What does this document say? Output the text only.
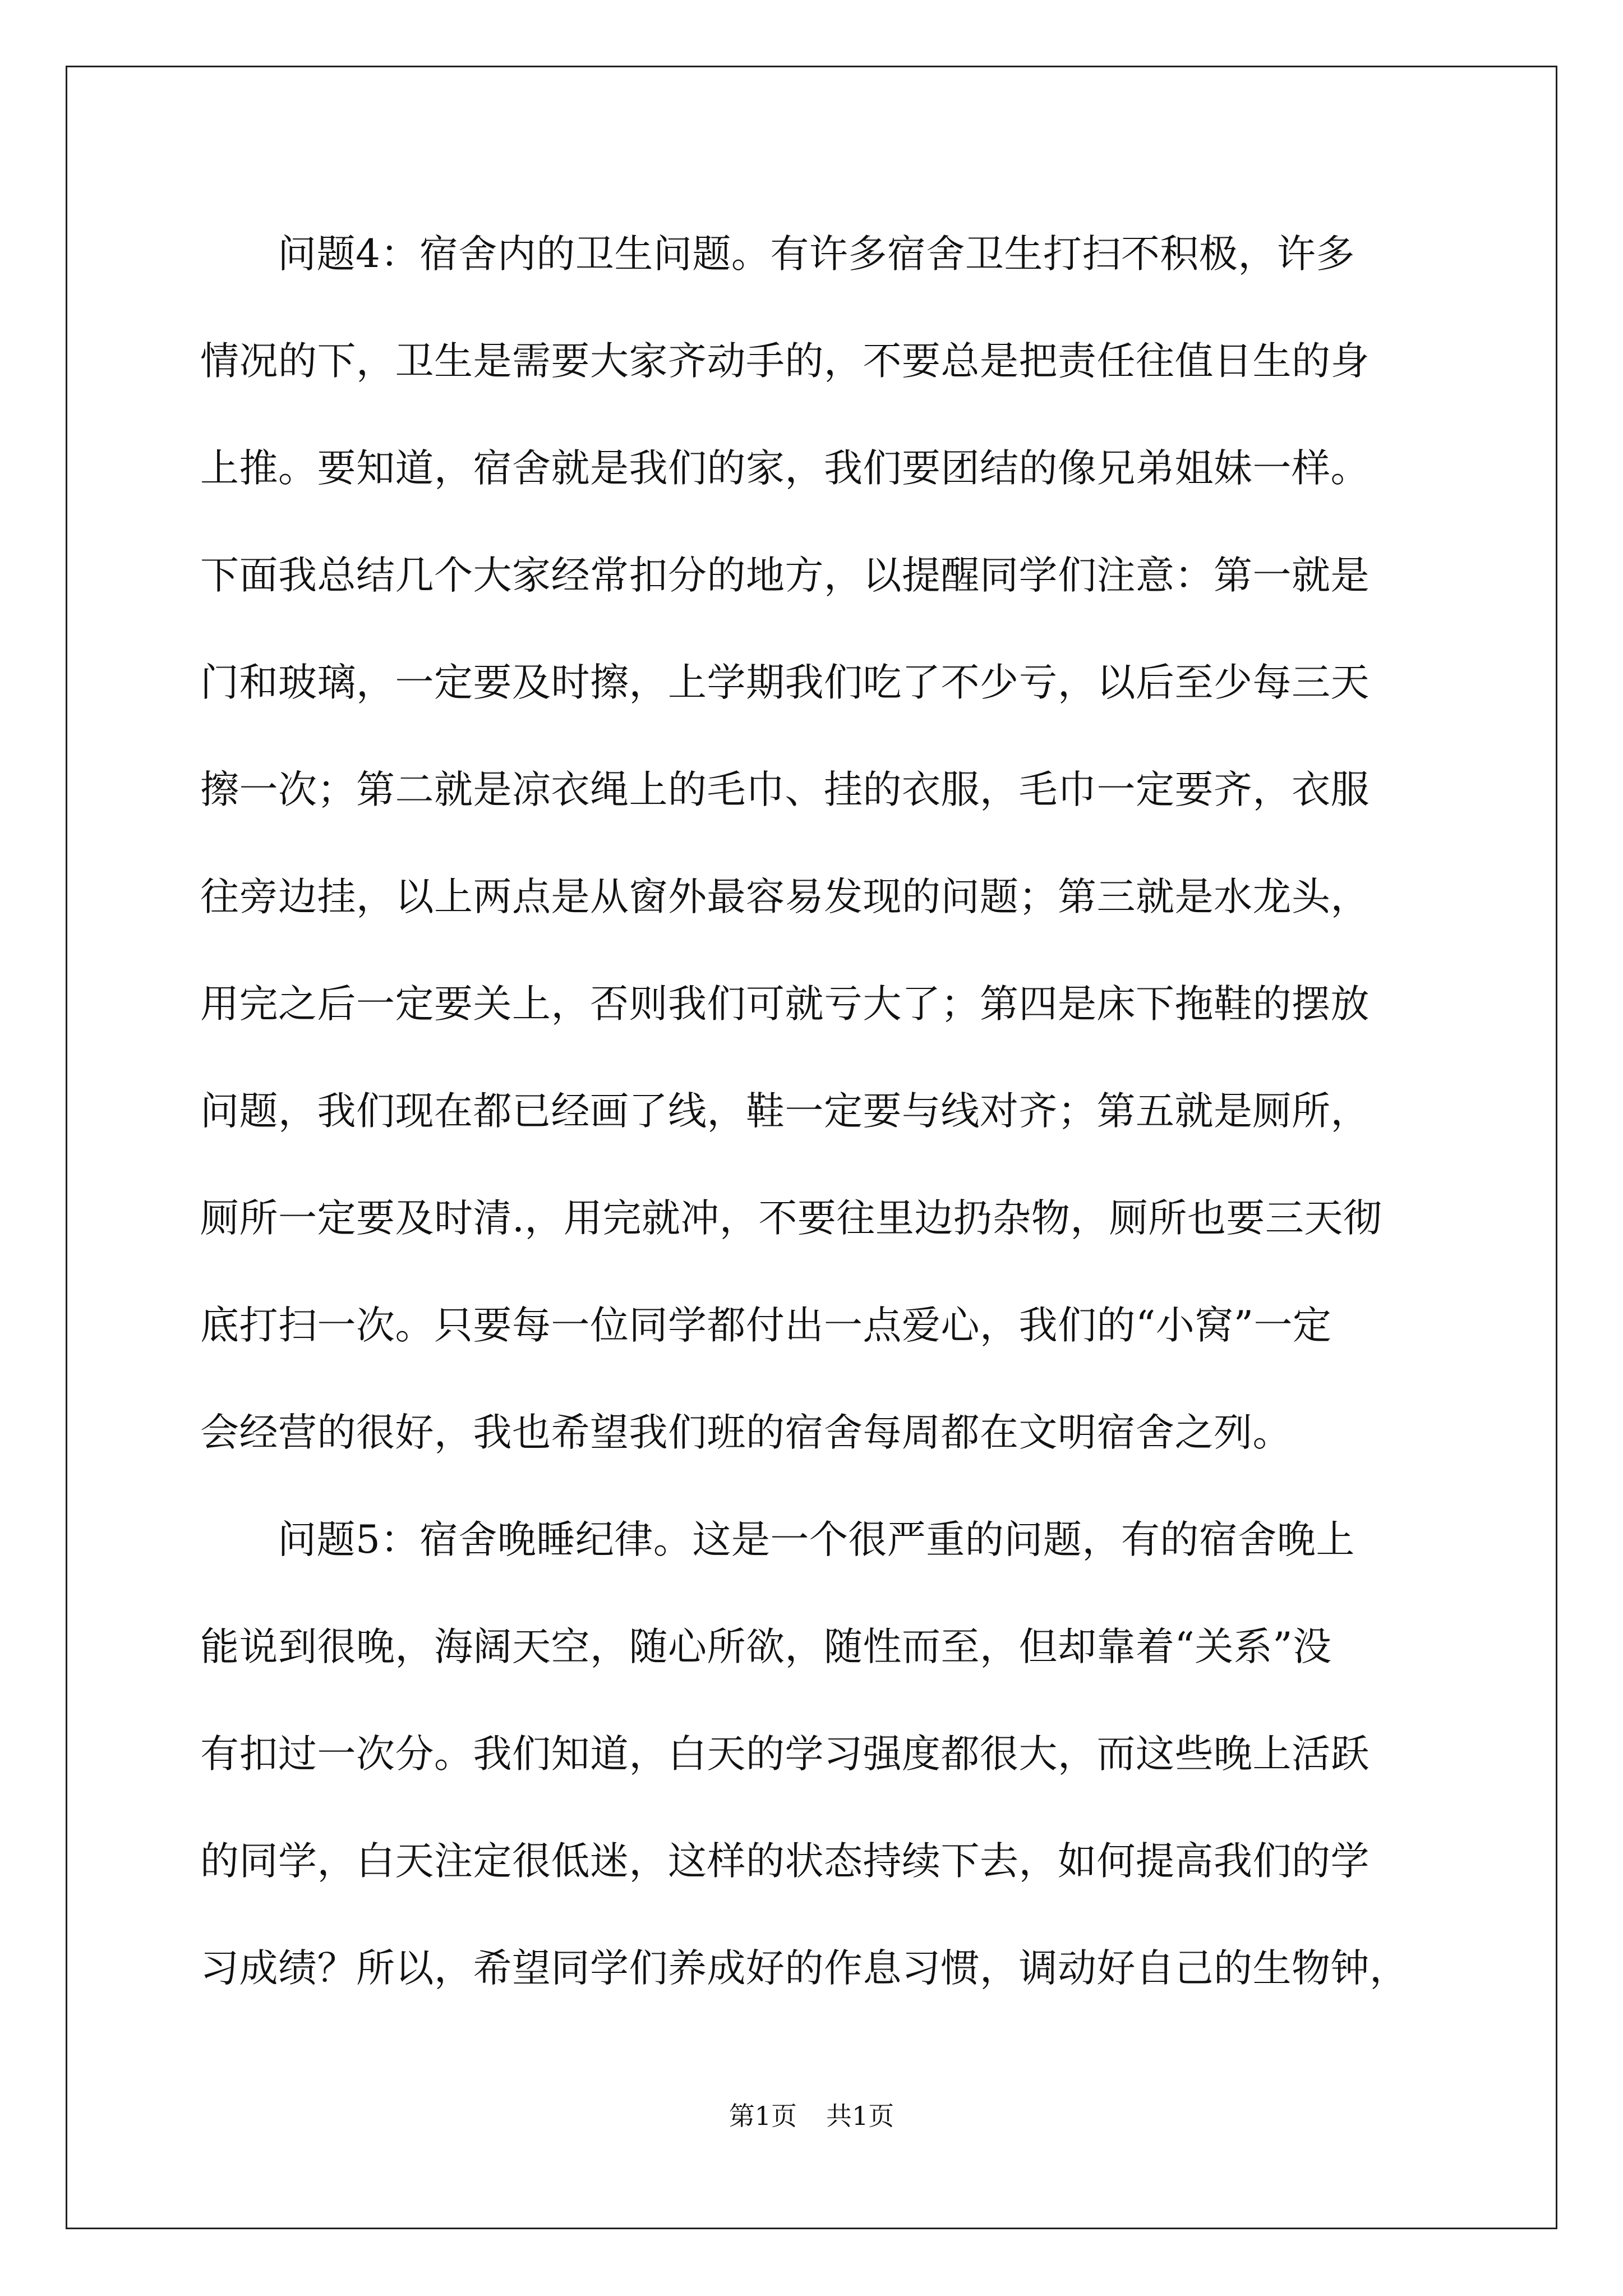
问题4：宿舍内的卫生问题。有许多宿舍卫生打扫不积极，许多
情况的下，卫生是需要大家齐动手的，不要总是把责任往值日生的身
上推。要知道，宿舍就是我们的家，我们要团结的像兄弟姐妹一样。
下面我总结几个大家经常扣分的地方，以提醒同学们注意：第一就是
门和玻璃，一定要及时擦，上学期我们吃了不少亏，以后至少每三天
擦一次；第二就是凉衣绳上的毛巾、挂的衣服，毛巾一定要齐，衣服
往旁边挂，以上两点是从窗外最容易发现的问题；第三就是水龙头，
用完之后一定要关上，否则我们可就亏大了；第四是床下拖鞋的摆放
问题，我们现在都已经画了线，鞋一定要与线对齐；第五就是厕所，
厕所一定要及时清.，用完就冲，不要往里边扔杂物，厕所也要三天彻
底打扫一次。只要每一位同学都付出一点爱心，我们的“小窝”一定
会经营的很好，我也希望我们班的宿舍每周都在文明宿舍之列。
问题5：宿舍晚睡纪律。这是一个很严重的问题，有的宿舍晚上
能说到很晚，海阔天空，随心所欲，随性而至，但却靠着“关系”没
有扣过一次分。我们知道，白天的学习强度都很大，而这些晚上活跃
的同学，白天注定很低迷，这样的状态持续下去，如何提高我们的学
习成绩？所以，希望同学们养成好的作息习惯，调动好自己的生物钟，
第1页 共1页
